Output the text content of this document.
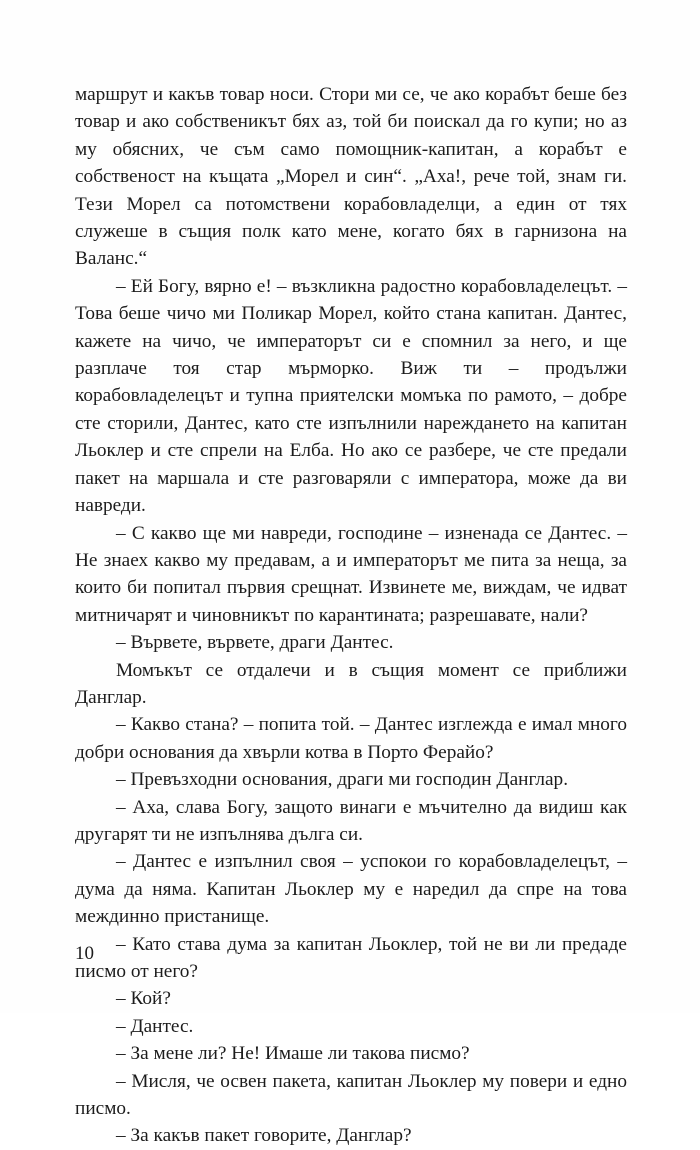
маршрут и какъв товар носи. Стори ми се, че ако корабът беше без товар и ако собственикът бях аз, той би поискал да го купи; но аз му обясних, че съм само помощник-капитан, а корабът е собственост на къщата „Морел и син“. „Аха!, рече той, знам ги. Тези Морел са потомствени корабовладелци, а един от тях служеше в същия полк като мене, когато бях в гарнизона на Валанс.“

– Ей Богу, вярно е! – възкликна радостно корабовладелецът. – Това беше чичо ми Поликар Морел, който стана капитан. Дантес, кажете на чичо, че императорът си е спомнил за него, и ще разплаче тоя стар мърморко. Виж ти – продължи корабовладелецът и тупна приятелски момъка по рамото, – добре сте сторили, Дантес, като сте изпълнили нареждането на капитан Льоклер и сте спрели на Елба. Но ако се разбере, че сте предали пакет на маршала и сте разговаряли с императора, може да ви навреди.

– С какво ще ми навреди, господине – изненада се Дантес. – Не знаех какво му предавам, а и императорът ме пита за неща, за които би попитал първия срещнат. Извинете ме, виждам, че идват митничарят и чиновникът по карантината; разрешавате, нали?

– Вървете, вървете, драги Дантес.

Момъкът се отдалечи и в същия момент се приближи Данглар.

– Какво стана? – попита той. – Дантес изглежда е имал много добри основания да хвърли котва в Порто Ферайо?

– Превъзходни основания, драги ми господин Данглар.

– Аха, слава Богу, защото винаги е мъчително да видиш как другарят ти не изпълнява дълга си.

– Дантес е изпълнил своя – успокои го корабовладелецът, – дума да няма. Капитан Льоклер му е наредил да спре на това междинно пристанище.

– Като става дума за капитан Льоклер, той не ви ли предаде писмо от него?

– Кой?

– Дантес.

– За мене ли? Не! Имаше ли такова писмо?

– Мисля, че освен пакета, капитан Льоклер му повери и едно писмо.

– За какъв пакет говорите, Данглар?

10
